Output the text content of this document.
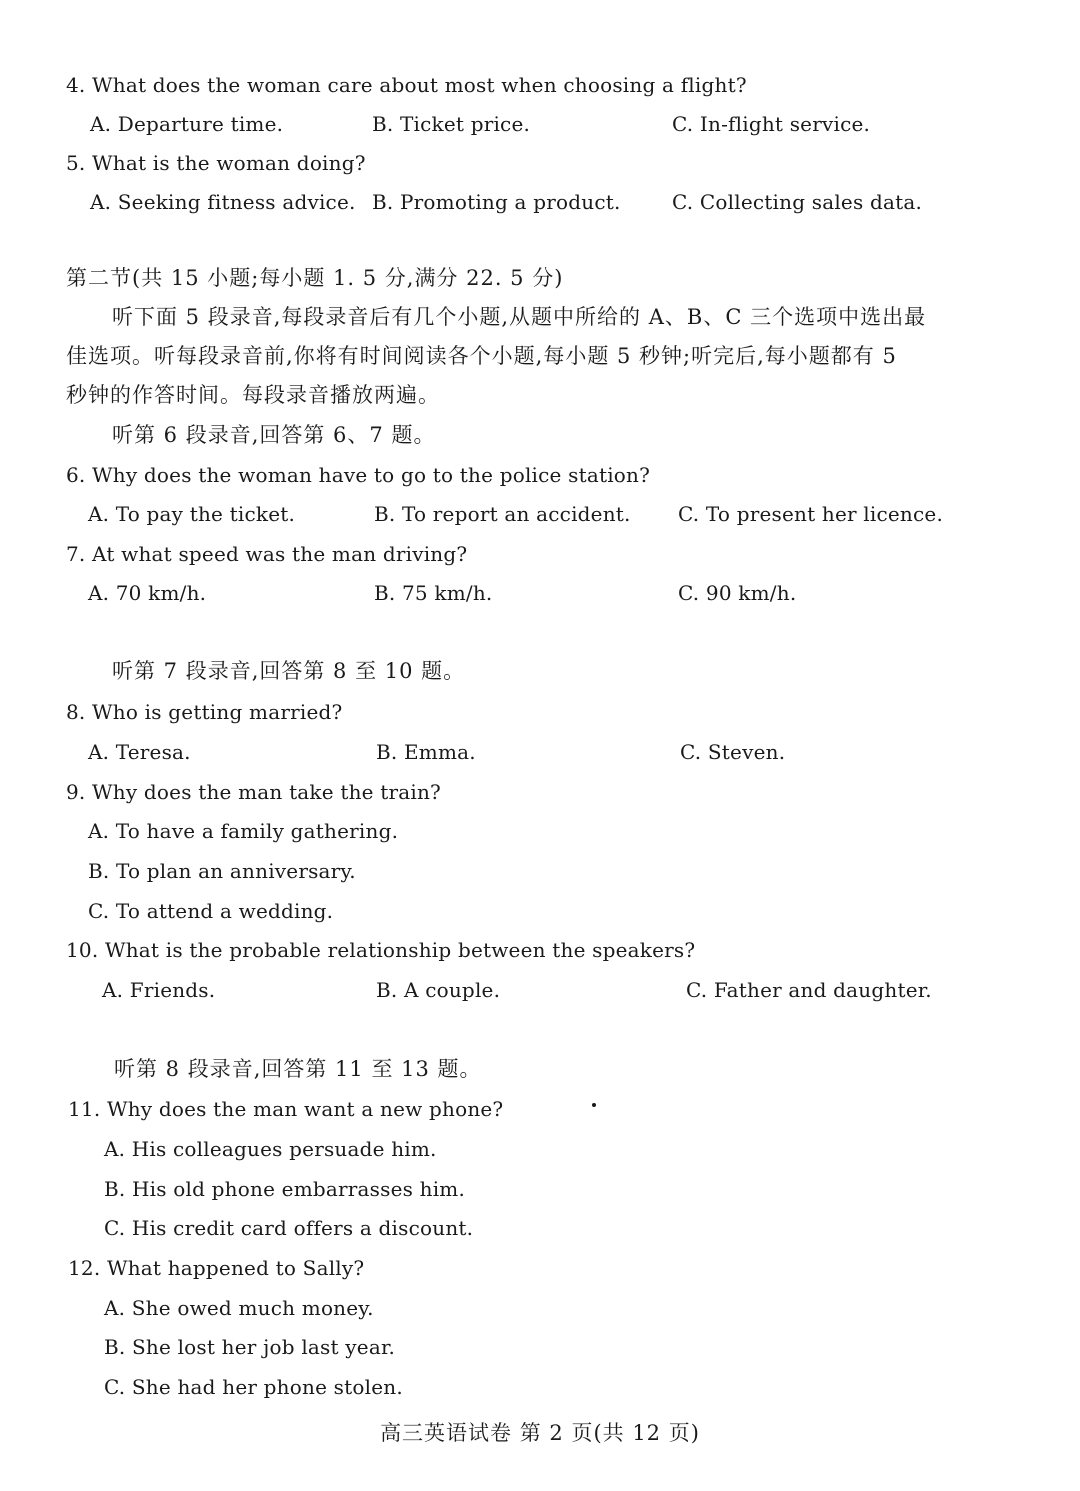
4. What does the woman care about most when choosing a flight?
A. Departure time.	B. Ticket price.	C. In-flight service.
5. What is the woman doing?
A. Seeking fitness advice. B. Promoting a product.	C. Collecting sales data.
第二节(共 15 小题;每小题 1. 5 分,满分 22. 5 分)
听下面 5 段录音,每段录音后有几个小题,从题中所给的 A、B、C 三个选项中选出最
佳选项。听每段录音前,你将有时间阅读各个小题,每小题 5 秒钟;听完后,每小题都有 5
秒钟的作答时间。每段录音播放两遍。
听第 6 段录音,回答第 6、7 题。
6. Why does the woman have to go to the police station?
A. To pay the ticket.	B. To report an accident. C. To present her licence.
7. At what speed was the man driving?
A. 70 km/h.	B. 75 km/h.	C. 90 km/h.
听第 7 段录音,回答第 8 至 10 题。
8. Who is getting married?
A. Teresa.	B. Emma.	C. Steven.
9. Why does the man take the train?
A. To have a family gathering.
B. To plan an anniversary.
C. To attend a wedding.
10. What is the probable relationship between the speakers?
A. Friends.	B. A couple.	C. Father and daughter.
听第 8 段录音,回答第 11 至 13 题。
11. Why does the man want a new phone?
A. His colleagues persuade him.
B. His old phone embarrasses him.
C. His credit card offers a discount.
12. What happened to Sally?
A. She owed much money.
B. She lost her job last year.
C. She had her phone stolen.
高三英语试卷 第 2 页(共 12 页)
